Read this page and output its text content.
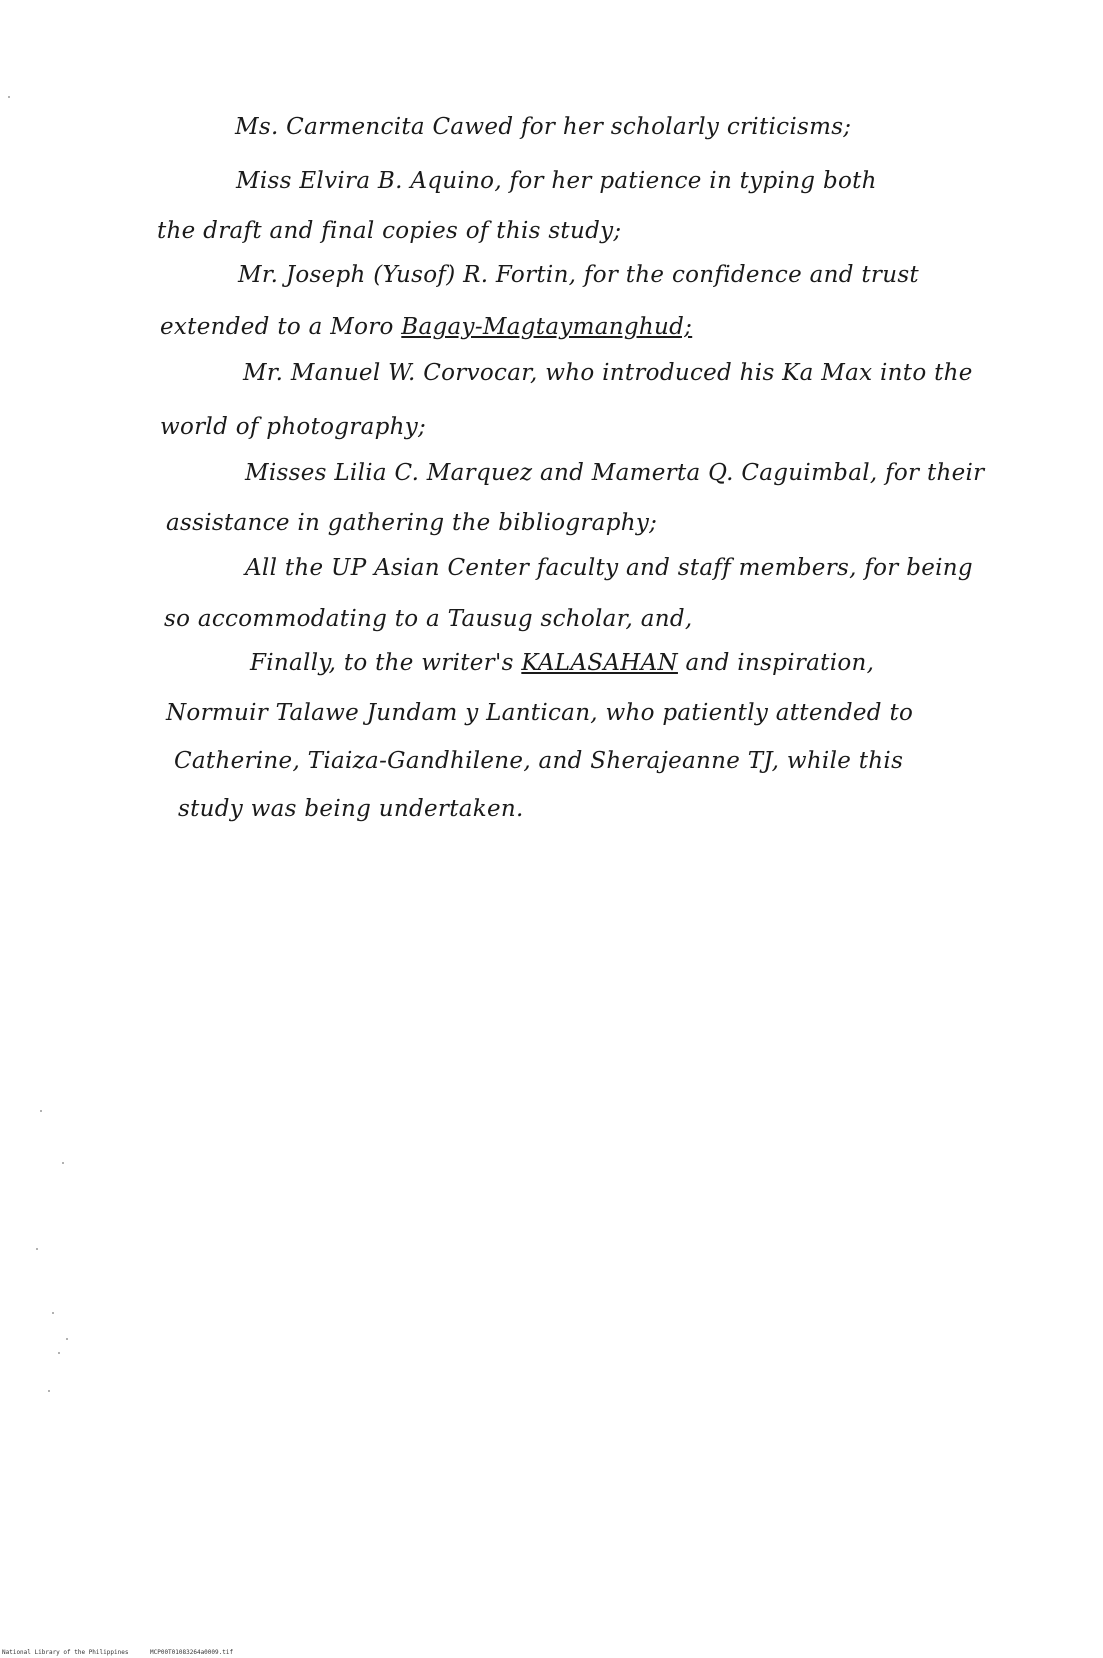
Ms. Carmencita Cawed for her scholarly criticisms;
Miss Elvira B. Aquino, for her patience in typing both
the draft and final copies of this study;
Mr. Joseph (Yusof) R. Fortin, for the confidence and trust
extended to a Moro Bagay-Magtaymanghud;
Mr. Manuel W. Corvocar, who introduced his Ka Max into the
world of photography;
Misses Lilia C. Marquez and Mamerta Q. Caguimbal, for their
assistance in gathering the bibliography;
All the UP Asian Center faculty and staff members, for being
so accommodating to a Tausug scholar, and,
Finally, to the writer's KALASAHAN and inspiration,
Normuir Talawe Jundam y Lantican, who patiently attended to
Catherine, Tiaiza-Gandhilene, and Sherajeanne TJ, while this
study was being undertaken.
National Library of the Philippines	MCP00T01083264a0009.tif
